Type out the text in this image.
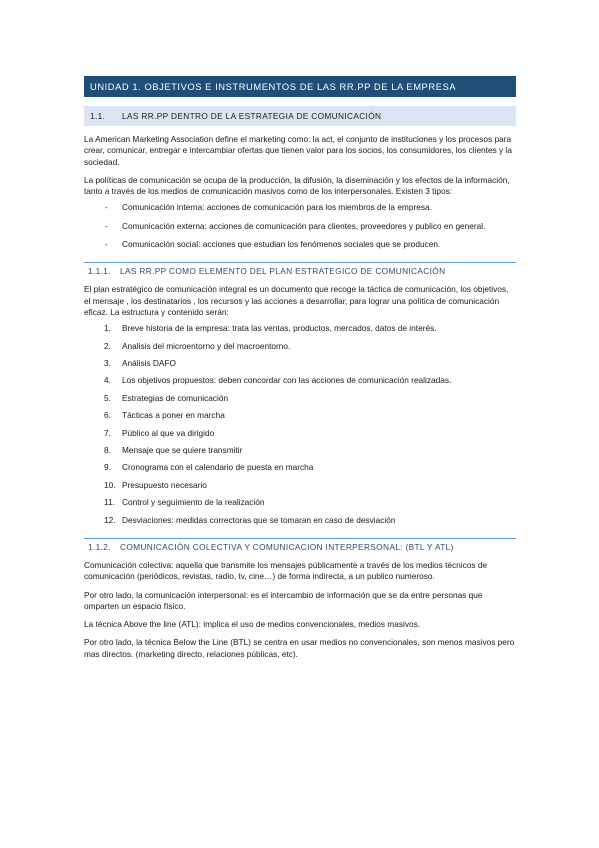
UNIDAD 1. OBJETIVOS E INSTRUMENTOS DE LAS RR.PP DE LA EMPRESA
1.1.	LAS RR.PP DENTRO DE LA ESTRATEGIA DE COMUNICACIÓN

La American Marketing Association define el marketing como: la act, el conjunto de instituciones y los procesos para crear, comunicar, entregar e intercambiar ofertas que tienen valor para los socios, los consumidores, los clientes y la sociedad.

La políticas de comunicación se ocupa de la producción, la difusión, la diseminación y los efectos de la información, tanto a través de los medios de comunicación masivos como de los interpersonales. Existen 3 tipos:

- Comunicación interna: acciones de comunicación para los miembros de la empresa.
- Comunicación externa: acciones de comunicación para clientes, proveedores y publico en general.
- Comunicación social: acciones que estudian los fenómenos sociales que se producen.
1.1.1.	LAS RR.PP COMO ELEMENTO DEL PLAN ESTRATEGICO DE COMUNICACIÓN

El plan estratégico de comunicación integral es un documento que recoge la táctica de comunicación, los objetivos, el mensaje , los destinatarios , los recursos y las acciones a desarrollar, para lograr una política de comunicación eficaz. La estructura y contenido serán:

1. Breve historia de la empresa: trata las ventas, productos, mercados, datos de interés.
2. Analisis del microentorno y del macroentorno.
3. Análisis DAFO
4. Los objetivos propuestos: deben concordar con las acciones de comunicación realizadas.
5. Estrategias de comunicación
6. Tácticas a poner en marcha
7. Público al que va dirigido
8. Mensaje que se quiere transmitir
9. Cronograma con el calendario de puesta en marcha
10. Presupuesto necesario
11. Control y seguimiento de la realización
12. Desviaciones: medidas correctoras que se tomaran en caso de desviación
1.1.2.	COMUNICACIÓN COLECTIVA Y COMUNICACION INTERPERSONAL: (BTL Y ATL)

Comunicación colectiva: aquella que transmite los mensajes públicamente a través de los medios técnicos de comunicación (periódicos, revistas, radio, tv, cine…) de forma indirecta, a un publico numeroso.

Por otro lado, la comunicación interpersonal: es el intercambio de información que se da entre personas que omparten un espacio físico.

La técnica Above the line (ATL): implica el uso de medios convencionales, medios masivos.

Por otro lado, la técnica Below the Line (BTL) se centra en usar medios no convencionales, son menos masivos pero mas directos. (marketing directo, relaciones públicas, etc).
